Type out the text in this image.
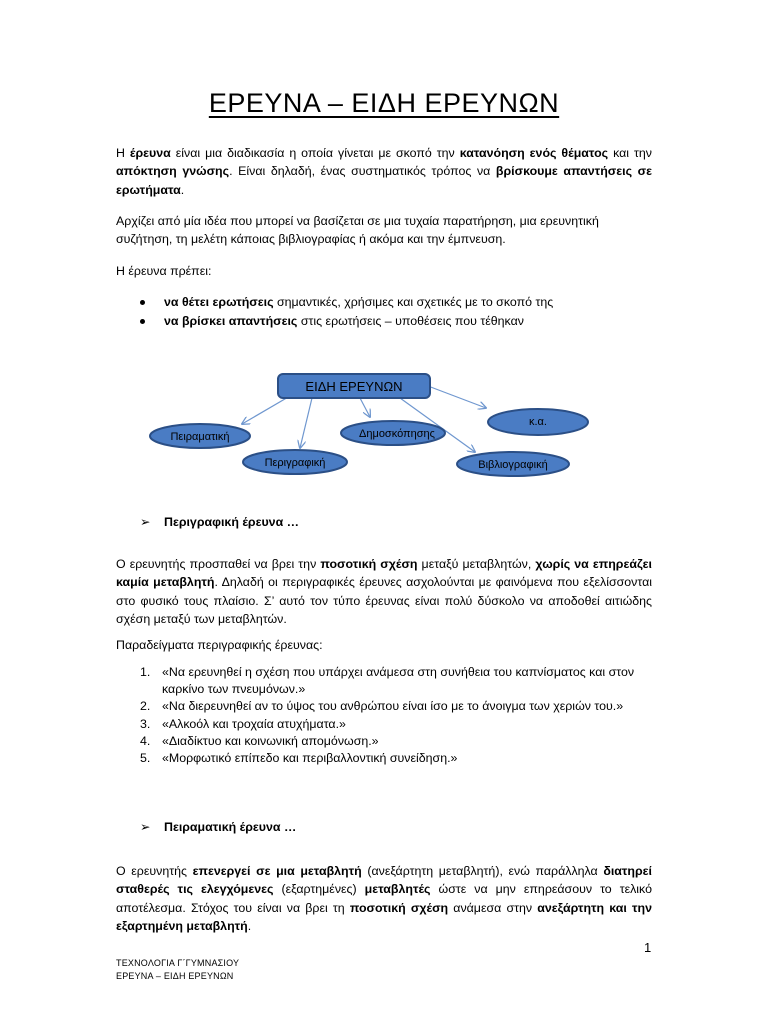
ΕΡΕΥΝΑ – ΕΙΔΗ ΕΡΕΥΝΩΝ
Η έρευνα είναι μια διαδικασία η οποία γίνεται με σκοπό την κατανόηση ενός θέματος και την απόκτηση γνώσης. Είναι δηλαδή, ένας συστηματικός τρόπος να βρίσκουμε απαντήσεις σε ερωτήματα.
Αρχίζει από μία ιδέα που μπορεί να βασίζεται σε μια τυχαία παρατήρηση, μια ερευνητική συζήτηση, τη μελέτη κάποιας βιβλιογραφίας ή ακόμα και την έμπνευση.
Η έρευνα πρέπει:
να θέτει ερωτήσεις σημαντικές, χρήσιμες και σχετικές με το σκοπό της
να βρίσκει απαντήσεις στις ερωτήσεις – υποθέσεις που τέθηκαν
ΕΙΔΗ ΕΡΕΥΝΩΝ
Πειραματική
Περιγραφική
Δημοσκόπησης
Βιβλιογραφική
κ.α.
➢ Περιγραφική έρευνα …
Ο ερευνητής προσπαθεί να βρει την ποσοτική σχέση μεταξύ μεταβλητών, χωρίς να επηρεάζει καμία μεταβλητή. Δηλαδή οι περιγραφικές έρευνες ασχολούνται με φαινόμενα που εξελίσσονται στο φυσικό τους πλαίσιο. Σ’ αυτό τον τύπο έρευνας είναι πολύ δύσκολο να αποδοθεί αιτιώδης σχέση μεταξύ των μεταβλητών.
Παραδείγματα περιγραφικής έρευνας:
1. «Να ερευνηθεί η σχέση που υπάρχει ανάμεσα στη συνήθεια του καπνίσματος και στον καρκίνο των πνευμόνων.»
2. «Να διερευνηθεί αν το ύψος του ανθρώπου είναι ίσο με το άνοιγμα των χεριών του.»
3. «Αλκοόλ και τροχαία ατυχήματα.»
4. «Διαδίκτυο και κοινωνική απομόνωση.»
5. «Μορφωτικό επίπεδο και περιβαλλοντική συνείδηση.»
➢ Πειραματική έρευνα …
Ο ερευνητής επενεργεί σε μια μεταβλητή (ανεξάρτητη μεταβλητή), ενώ παράλληλα διατηρεί σταθερές τις ελεγχόμενες (εξαρτημένες) μεταβλητές ώστε να μην επηρεάσουν το τελικό αποτέλεσμα. Στόχος του είναι να βρει τη ποσοτική σχέση ανάμεσα στην ανεξάρτητη και την εξαρτημένη μεταβλητή.
1
ΤΕΧΝΟΛΟΓΙΑ Γ΄ΓΥΜΝΑΣΙΟΥ
ΕΡΕΥΝΑ – ΕΙΔΗ ΕΡΕΥΝΩΝ
